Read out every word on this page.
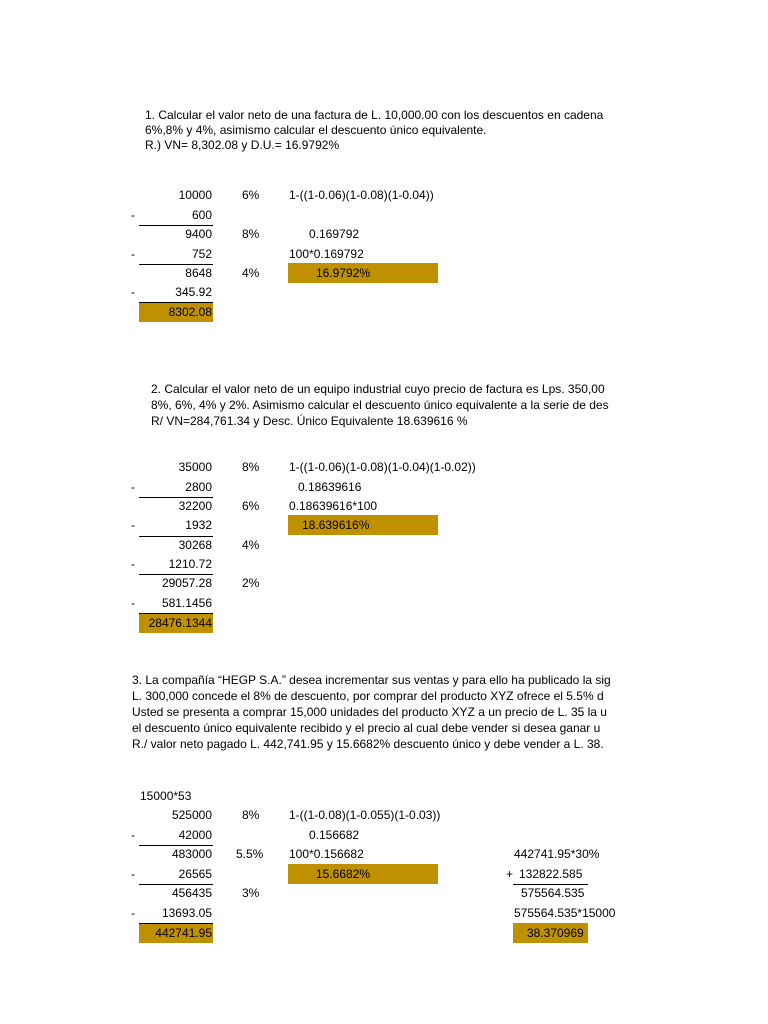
1. Calcular el valor neto de una factura de L. 10,000.00 con los descuentos en cadena
6%,8% y 4%, asimismo calcular el descuento único equivalente.
R.) VN= 8,302.08 y D.U.= 16.9792%
10000
600
9400
752
8648
345.92
8302.08
-
-
-
6%
8%
4%
1-((1-0.06)(1-0.08)(1-0.04))
0.169792
100*0.169792
16.9792%
2. Calcular el valor neto de un equipo industrial cuyo precio de factura es Lps. 350,00
8%, 6%, 4% y 2%. Asimismo calcular el descuento único equivalente a la serie de des
R/ VN=284,761.34 y Desc. Único Equivalente 18.639616 %
35000
2800
32200
1932
30268
1210.72
29057.28
581.1456
28476.1344
-
-
-
-
8%
6%
4%
2%
1-((1-0.06)(1-0.08)(1-0.04)(1-0.02))
0.18639616
0.18639616*100
18.639616%
3. La compañía “HEGP S.A.” desea incrementar sus ventas y para ello ha publicado la sig
L. 300,000 concede el 8% de descuento, por comprar del producto XYZ ofrece el 5.5% d
Usted se presenta a comprar 15,000 unidades del producto XYZ a un precio de L. 35 la u
el descuento único equivalente recibido y el precio al cual debe vender si desea ganar u
R./ valor neto pagado L. 442,741.95 y 15.6682% descuento único y debe vender a L. 38.
15000*53
525000
42000
483000
26565
456435
13693.05
442741.95
-
-
-
8%
5.5%
3%
1-((1-0.08)(1-0.055)(1-0.03))
0.156682
100*0.156682
15.6682%
442741.95*30%
+ 132822.585
575564.535
575564.535*15000
38.370969
